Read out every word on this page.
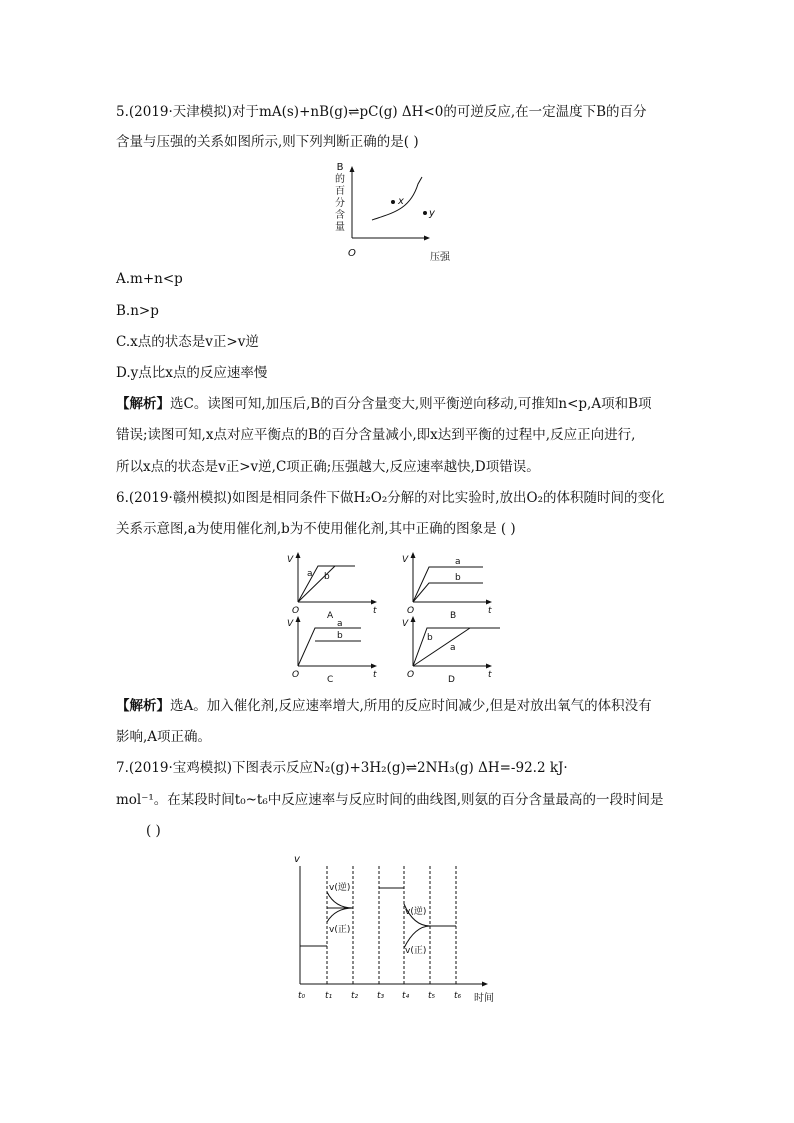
5.(2019·天津模拟)对于mA(s)+nB(g)⇌pC(g) ΔH<0的可逆反应,在一定温度下B的百分
含量与压强的关系如图所示,则下列判断正确的是( )
B
的
百
分
含
量
x
y
O	压强
A.m+n<p
B.n>p
C.x点的状态是v正>v逆
D.y点比x点的反应速率慢
【解析】选C。读图可知,加压后,B的百分含量变大,则平衡逆向移动,可推知n<p,A项和B项
错误;读图可知,x点对应平衡点的B的百分含量减小,即x达到平衡的过程中,反应正向进行,
所以x点的状态是v正>v逆,C项正确;压强越大,反应速率越快,D项错误。
6.(2019·赣州模拟)如图是相同条件下做H₂O₂分解的对比实验时,放出O₂的体积随时间的变化
关系示意图,a为使用催化剂,b为不使用催化剂,其中正确的图象是 ( )
V
O	t
a b
A
V
O	t
a
b
B
V
O	t
a
b
C
V
O	t
b
a
D
【解析】选A。加入催化剂,反应速率增大,所用的反应时间减少,但是对放出氧气的体积没有
影响,A项正确。
7.(2019·宝鸡模拟)下图表示反应N₂(g)+3H₂(g)⇌2NH₃(g) ΔH=-92.2 kJ·
mol⁻¹。在某段时间t₀~t₆中反应速率与反应时间的曲线图,则氨的百分含量最高的一段时间是
( )
v
时间
v(逆)
v(正)
v(逆)
v(正)
t₀ t₁ t₂ t₃ t₄ t₅ t₆
